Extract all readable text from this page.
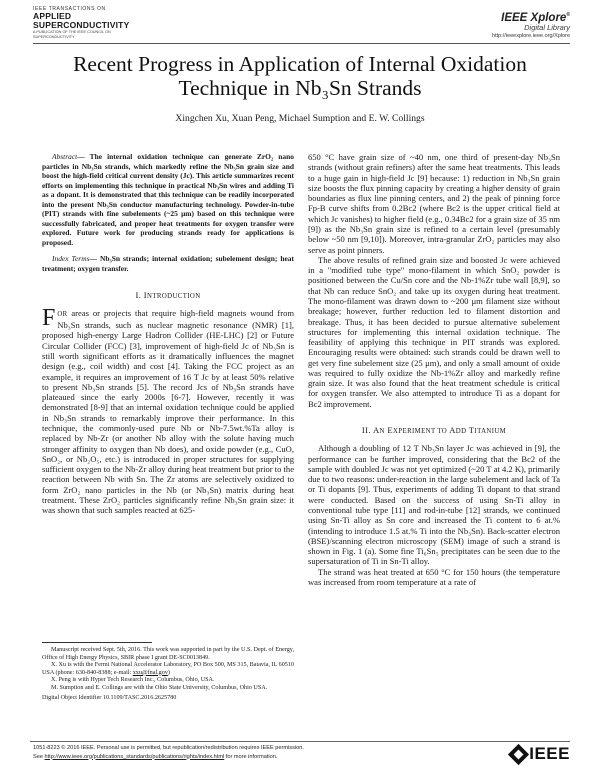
IEEE TRANSACTIONS ON
APPLIED
SUPERCONDUCTIVITY
A PUBLICATION OF THE IEEE COUNCIL ON SUPERCONDUCTIVITY
IEEE Xplore®
Digital Library
http://ieeexplore.ieee.org/Xplore
Recent Progress in Application of Internal Oxidation Technique in Nb₃Sn Strands
Xingchen Xu, Xuan Peng, Michael Sumption and E. W. Collings

Abstract— The internal oxidation technique can generate ZrO₂ nano particles in Nb₃Sn strands, which markedly refine the Nb₃Sn grain size and boost the high-field critical current density (Jc). This article summarizes recent efforts on implementing this technique in practical Nb₃Sn wires and adding Ti as a dopant. It is demonstrated that this technique can be readily incorporated into the present Nb₃Sn conductor manufacturing technology. Powder-in-tube (PIT) strands with fine subelements (~25 μm) based on this technique were successfully fabricated, and proper heat treatments for oxygen transfer were explored. Future work for producing strands ready for applications is proposed.

Index Terms— Nb₃Sn strands; internal oxidation; subelement design; heat treatment; oxygen transfer.

I. INTRODUCTION

FOR areas or projects that require high-field magnets wound from Nb₃Sn strands, such as nuclear magnetic resonance (NMR) [1], proposed high-energy Large Hadron Collider (HE-LHC) [2] or Future Circular Collider (FCC) [3], improvement of high-field Jc of Nb₃Sn is still worth significant efforts as it dramatically influences the magnet design (e.g., coil width) and cost [4]. Taking the FCC project as an example, it requires an improvement of 16 T Jc by at least 50% relative to present Nb₃Sn strands [5]. The record Jcs of Nb₃Sn strands have plateaued since the early 2000s [6-7]. However, recently it was demonstrated [8-9] that an internal oxidation technique could be applied in Nb₃Sn strands to remarkably improve their performance. In this technique, the commonly-used pure Nb or Nb-7.5wt.%Ta alloy is replaced by Nb-Zr (or another Nb alloy with the solute having much stronger affinity to oxygen than Nb does), and oxide powder (e.g., CuO, SnO₂, or Nb₂O₅, etc.) is introduced in proper structures for supplying sufficient oxygen to the Nb-Zr alloy during heat treatment but prior to the reaction between Nb with Sn. The Zr atoms are selectively oxidized to form ZrO₂ nano particles in the Nb (or Nb₃Sn) matrix during heat treatment. These ZrO₂ particles significantly refine Nb₃Sn grain size: it was shown that such samples reacted at 625-

Manuscript received Sept. 5th, 2016. This work was supported in part by the U.S. Dept. of Energy, Office of High Energy Physics, SBIR phase I grant DE-SC0013849.

X. Xu is with the Fermi National Accelerator Laboratory, PO Box 500, MS 315, Batavia, IL 60510 USA (phone: 630-840-8388; e-mail: xxu@fnal.gov)

X. Peng is with Hyper Tech Research Inc., Columbus, Ohio, USA.

M. Sumption and E. Collings are with the Ohio State University, Columbus, Ohio USA.

Digital Object Identifier 10.1109/TASC.2016.2625780

650 °C have grain size of ~40 nm, one third of present-day Nb₃Sn strands (without grain refiners) after the same heat treatments. This leads to a huge gain in high-field Jc [9] because: 1) reduction in Nb₃Sn grain size boosts the flux pinning capacity by creating a higher density of grain boundaries as flux line pinning centers, and 2) the peak of pinning force Fp-B curve shifts from 0.2Bc2 (where Bc2 is the upper critical field at which Jc vanishes) to higher field (e.g., 0.34Bc2 for a grain size of 35 nm [9]) as the Nb₃Sn grain size is refined to a certain level (presumably below ~50 nm [9,10]). Moreover, intra-granular ZrO₂ particles may also serve as point pinners.

The above results of refined grain size and boosted Jc were achieved in a "modified tube type" mono-filament in which SnO₂ powder is positioned between the Cu/Sn core and the Nb-1%Zr tube wall [8,9], so that Nb can reduce SnO₂ and take up its oxygen during heat treatment. The mono-filament was drawn down to ~200 μm filament size without breakage; however, further reduction led to filament distortion and breakage. Thus, it has been decided to pursue alternative subelement structures for implementing this internal oxidation technique. The feasibility of applying this technique in PIT strands was explored. Encouraging results were obtained: such strands could be drawn well to get very fine subelement size (25 μm), and only a small amount of oxide was required to fully oxidize the Nb-1%Zr alloy and markedly refine grain size. It was also found that the heat treatment schedule is critical for oxygen transfer. We also attempted to introduce Ti as a dopant for Bc2 improvement.

II. AN EXPERIMENT TO ADD TITANIUM

Although a doubling of 12 T Nb₃Sn layer Jc was achieved in [9], the performance can be further improved, considering that the Bc2 of the sample with doubled Jc was not yet optimized (~20 T at 4.2 K), primarily due to two reasons: under-reaction in the large subelement and lack of Ta or Ti dopants [9]. Thus, experiments of adding Ti dopant to that strand were conducted. Based on the success of using Sn-Ti alloy in conventional tube type [11] and rod-in-tube [12] strands, we continued using Sn-Ti alloy as Sn core and increased the Ti content to 6 at.% (intending to introduce 1.5 at.% Ti into the Nb₃Sn). Back-scatter electron (BSE)/scanning electron microscopy (SEM) image of such a strand is shown in Fig. 1 (a). Some fine Ti₆Sn₅ precipitates can be seen due to the supersaturation of Ti in Sn-Ti alloy.

The strand was heat treated at 650 °C for 150 hours (the temperature was increased from room temperature at a rate of

1051-8223 © 2016 IEEE. Personal use is permitted, but republication/redistribution requires IEEE permission.
See http://www.ieee.org/publications_standards/publications/rights/index.html for more information.	IEEE
